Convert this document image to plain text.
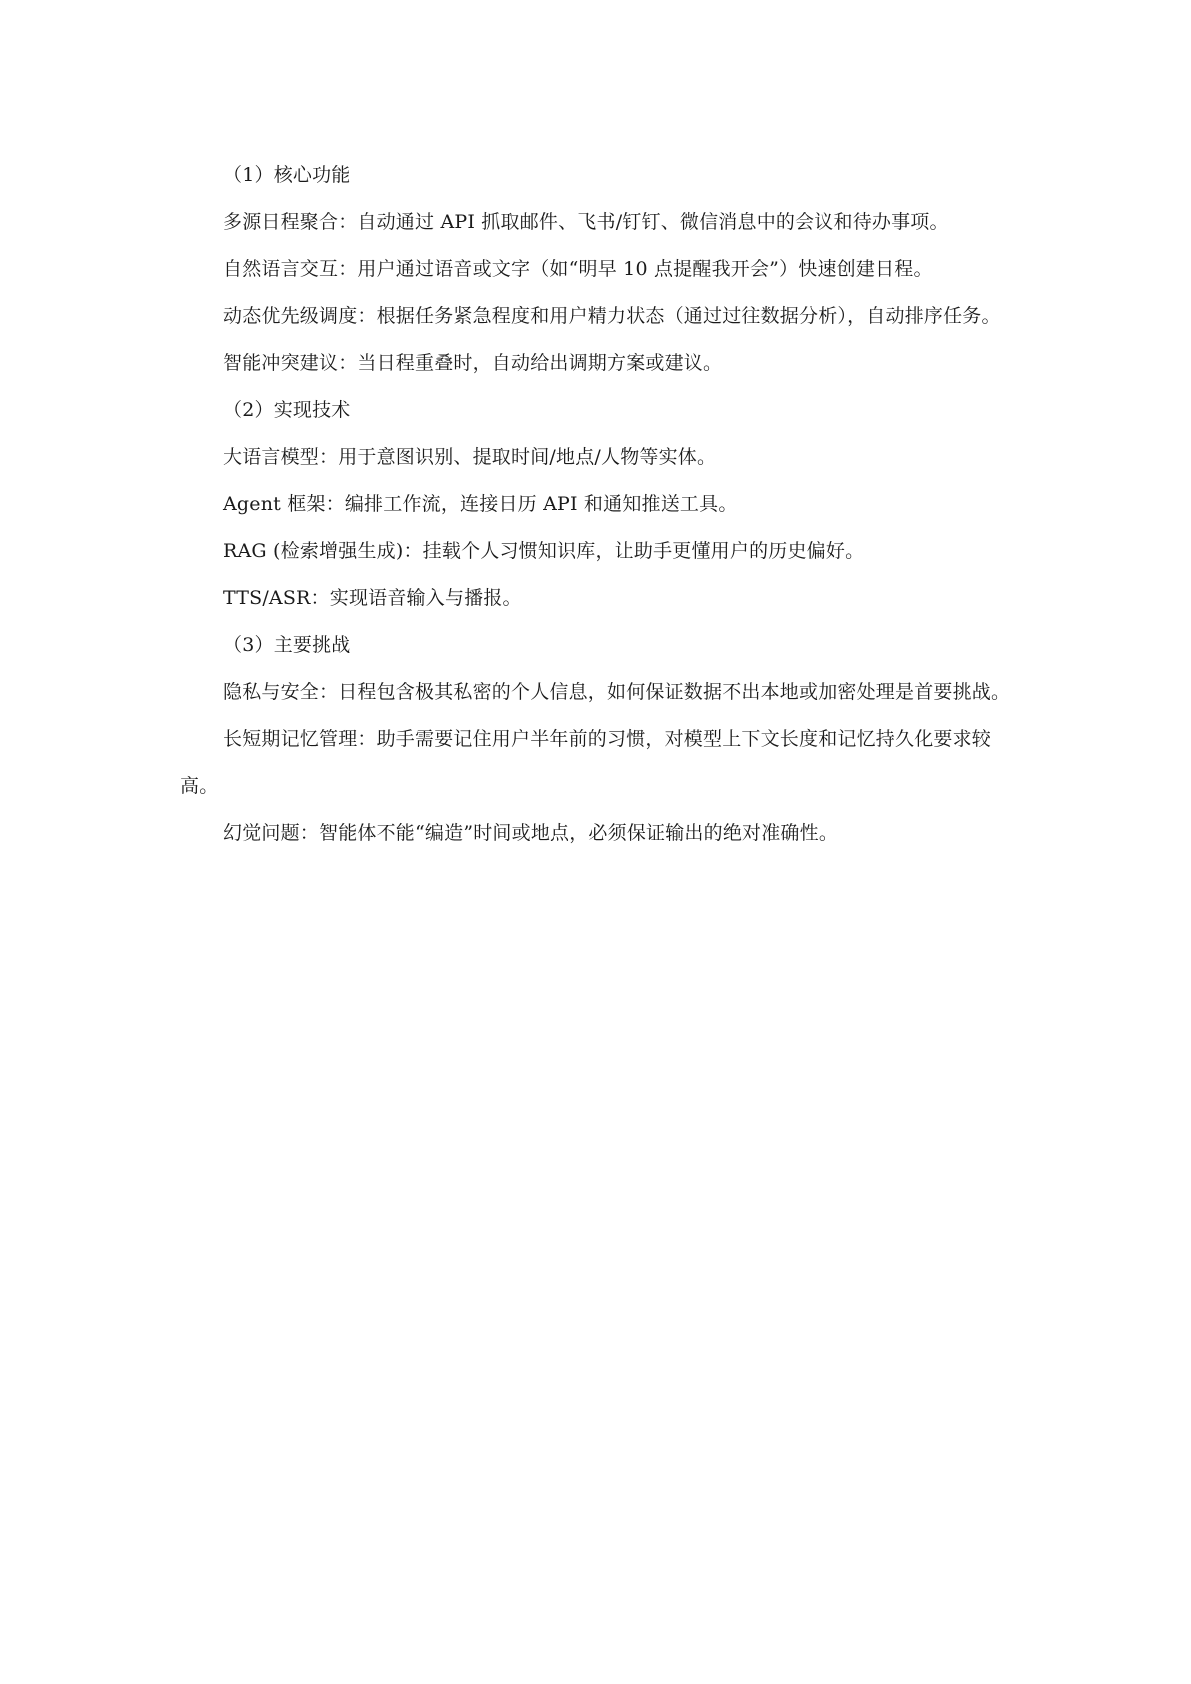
（1）核心功能

多源日程聚合：自动通过 API 抓取邮件、飞书/钉钉、微信消息中的会议和待办事项。

自然语言交互：用户通过语音或文字（如“明早 10 点提醒我开会”）快速创建日程。

动态优先级调度：根据任务紧急程度和用户精力状态（通过过往数据分析），自动排序任务。

智能冲突建议：当日程重叠时，自动给出调期方案或建议。

（2）实现技术

大语言模型：用于意图识别、提取时间/地点/人物等实体。

Agent 框架：编排工作流，连接日历 API 和通知推送工具。

RAG (检索增强生成)：挂载个人习惯知识库，让助手更懂用户的历史偏好。

TTS/ASR：实现语音输入与播报。

（3）主要挑战

隐私与安全：日程包含极其私密的个人信息，如何保证数据不出本地或加密处理是首要挑战。

长短期记忆管理：助手需要记住用户半年前的习惯，对模型上下文长度和记忆持久化要求较高。

幻觉问题：智能体不能“编造”时间或地点，必须保证输出的绝对准确性。
